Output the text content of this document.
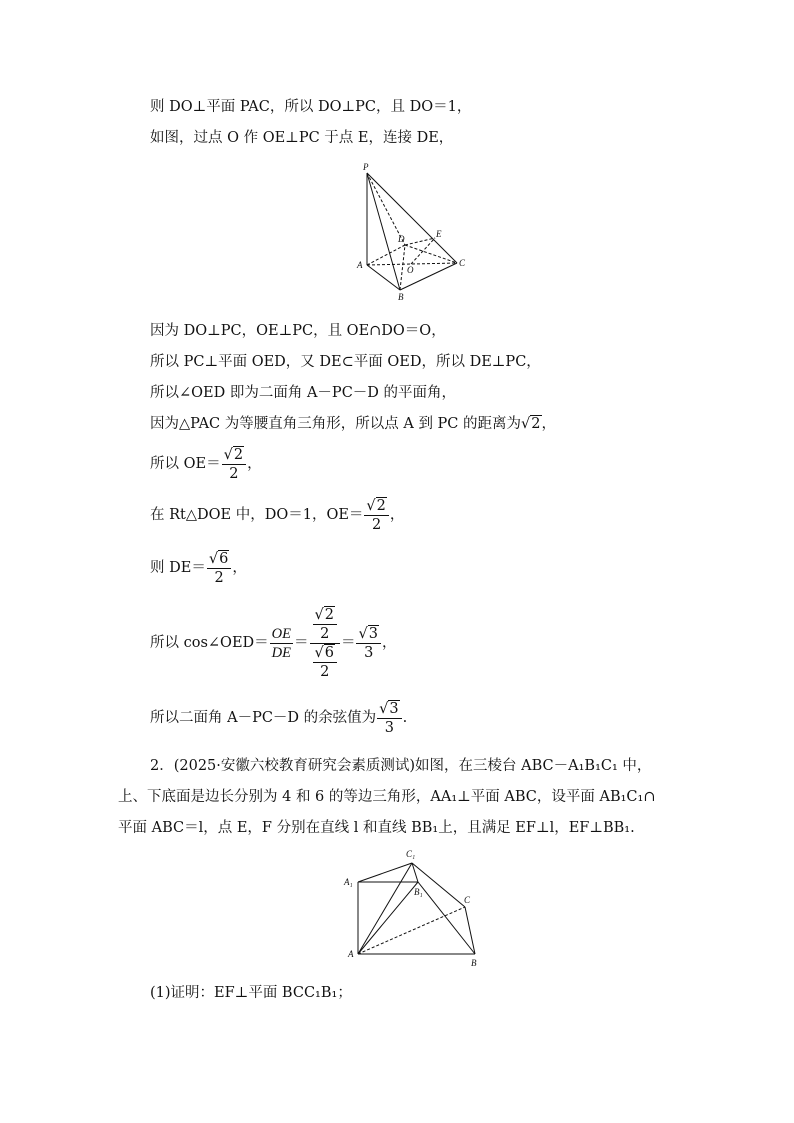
则 DO⊥平面 PAC，所以 DO⊥PC，且 DO＝1，
如图，过点 O 作 OE⊥PC 于点 E，连接 DE，
P
D	E
A	O
C
B
因为 DO⊥PC，OE⊥PC，且 OE∩DO＝O，
所以 PC⊥平面 OED，又 DE⊂平面 OED，所以 DE⊥PC，
所以∠OED 即为二面角 A－PC－D 的平面角，
因为△PAC 为等腰直角三角形，所以点 A 到 PC 的距离为√2，
所以 $OE= \frac{√2}{2}$ ，
在 Rt△DOE 中，DO＝1，$OE= \frac{√2}{2}$ ，
则 $DE= \frac{√6}{2}$ ，
所以 cos∠OED＝ $\frac{OE}{DE} = \frac{\frac{√2}{2}}{\frac{√6}{2}} = \frac{√3}{3}$ ，
所以二面角 A－PC－D 的余弦值为 $\frac{√3}{3}$ .
2．(2025·安徽六校教育研究会素质测试)如图，在三棱台 ABC－A₁B₁C₁ 中，
上、下底面是边长分别为 4 和 6 的等边三角形，AA₁⊥平面 ABC，设平面 AB₁C₁∩
平面 ABC＝l，点 E，F 分别在直线 l 和直线 BB₁上，且满足 EF⊥l，EF⊥BB₁.
C₁
A₁
B₁
C
A
B
(1)证明：EF⊥平面 BCC₁B₁；
